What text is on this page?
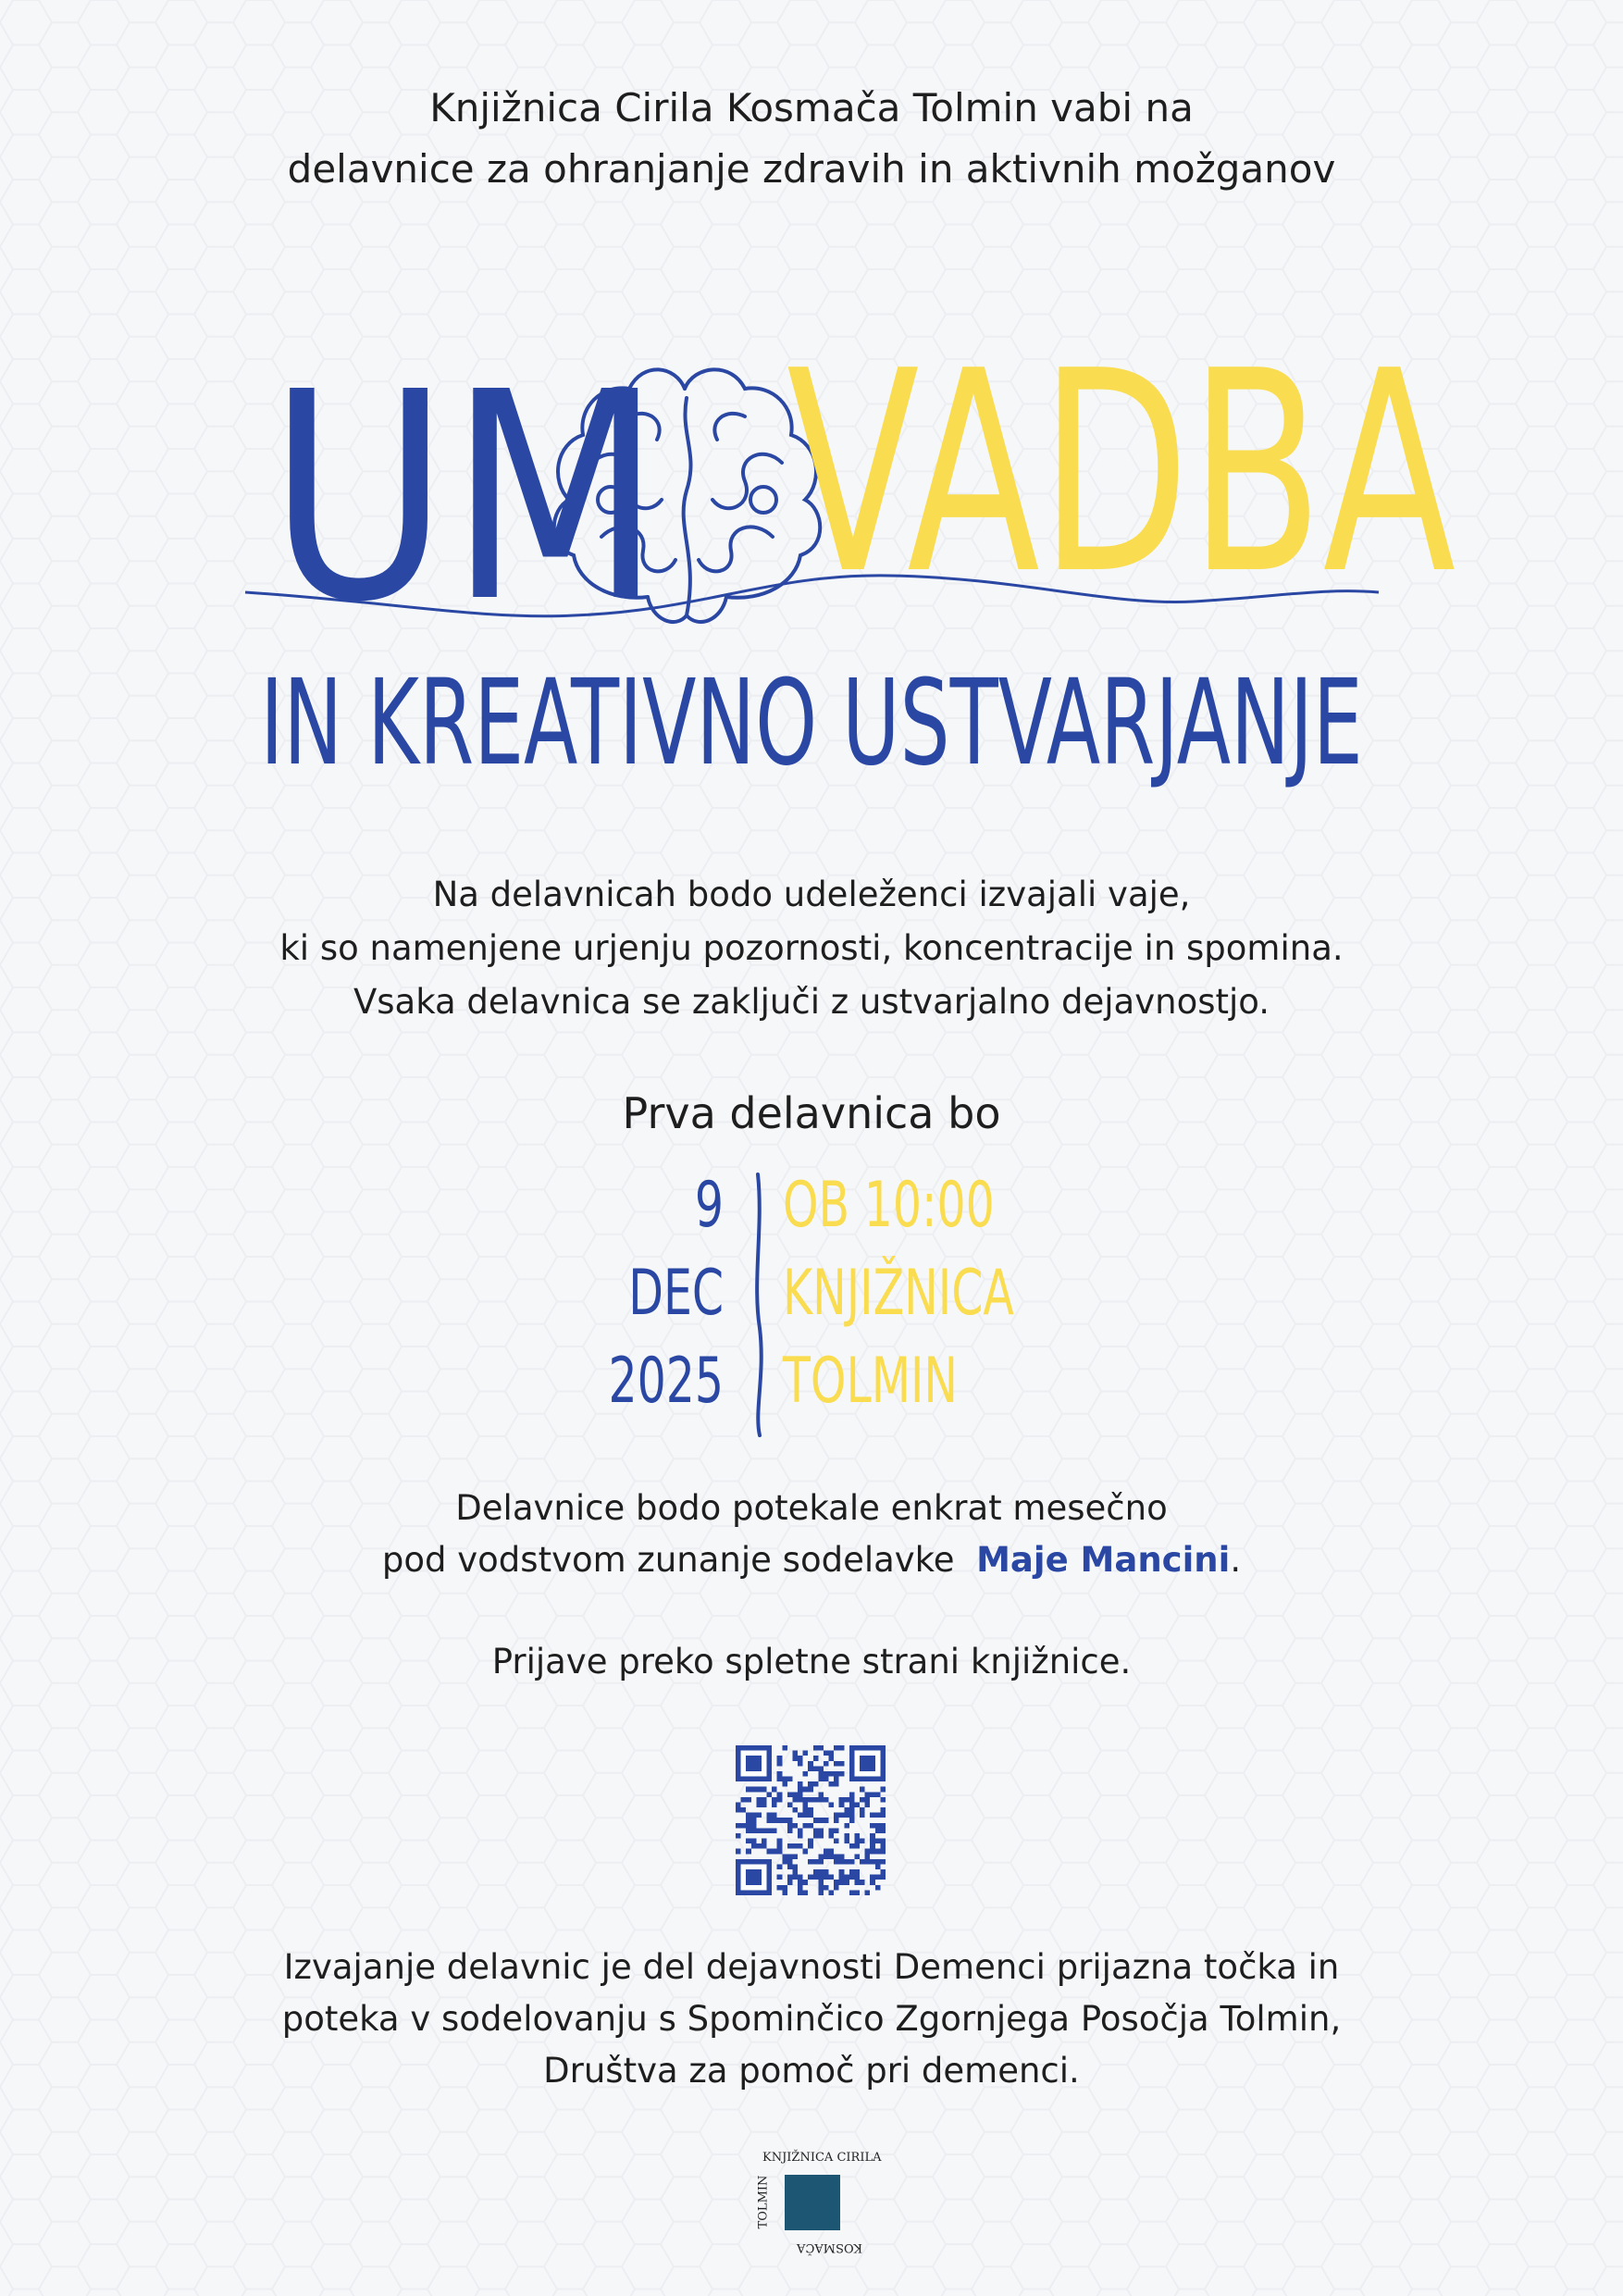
Knjižnica Cirila Kosmača Tolmin vabi na
delavnice za ohranjanje zdravih in aktivnih možganov
UM VADBA
IN KREATIVNO USTVARJANJE
Na delavnicah bodo udeleženci izvajali vaje,
ki so namenjene urjenju pozornosti, koncentracije in spomina.
Vsaka delavnica se zaključi z ustvarjalno dejavnostjo.
Prva delavnica bo
9
DEC
2025
OB 10:00
KNJIŽNICA
TOLMIN
Delavnice bodo potekale enkrat mesečno
pod vodstvom zunanje sodelavke Maje Mancini.
Prijave preko spletne strani knjižnice.
Izvajanje delavnic je del dejavnosti Demenci prijazna točka in
poteka v sodelovanju s Spominčico Zgornjega Posočja Tolmin,
Društva za pomoč pri demenci.
KNJIŽNICA CIRILA
TOLMIN
KOSMAČA
